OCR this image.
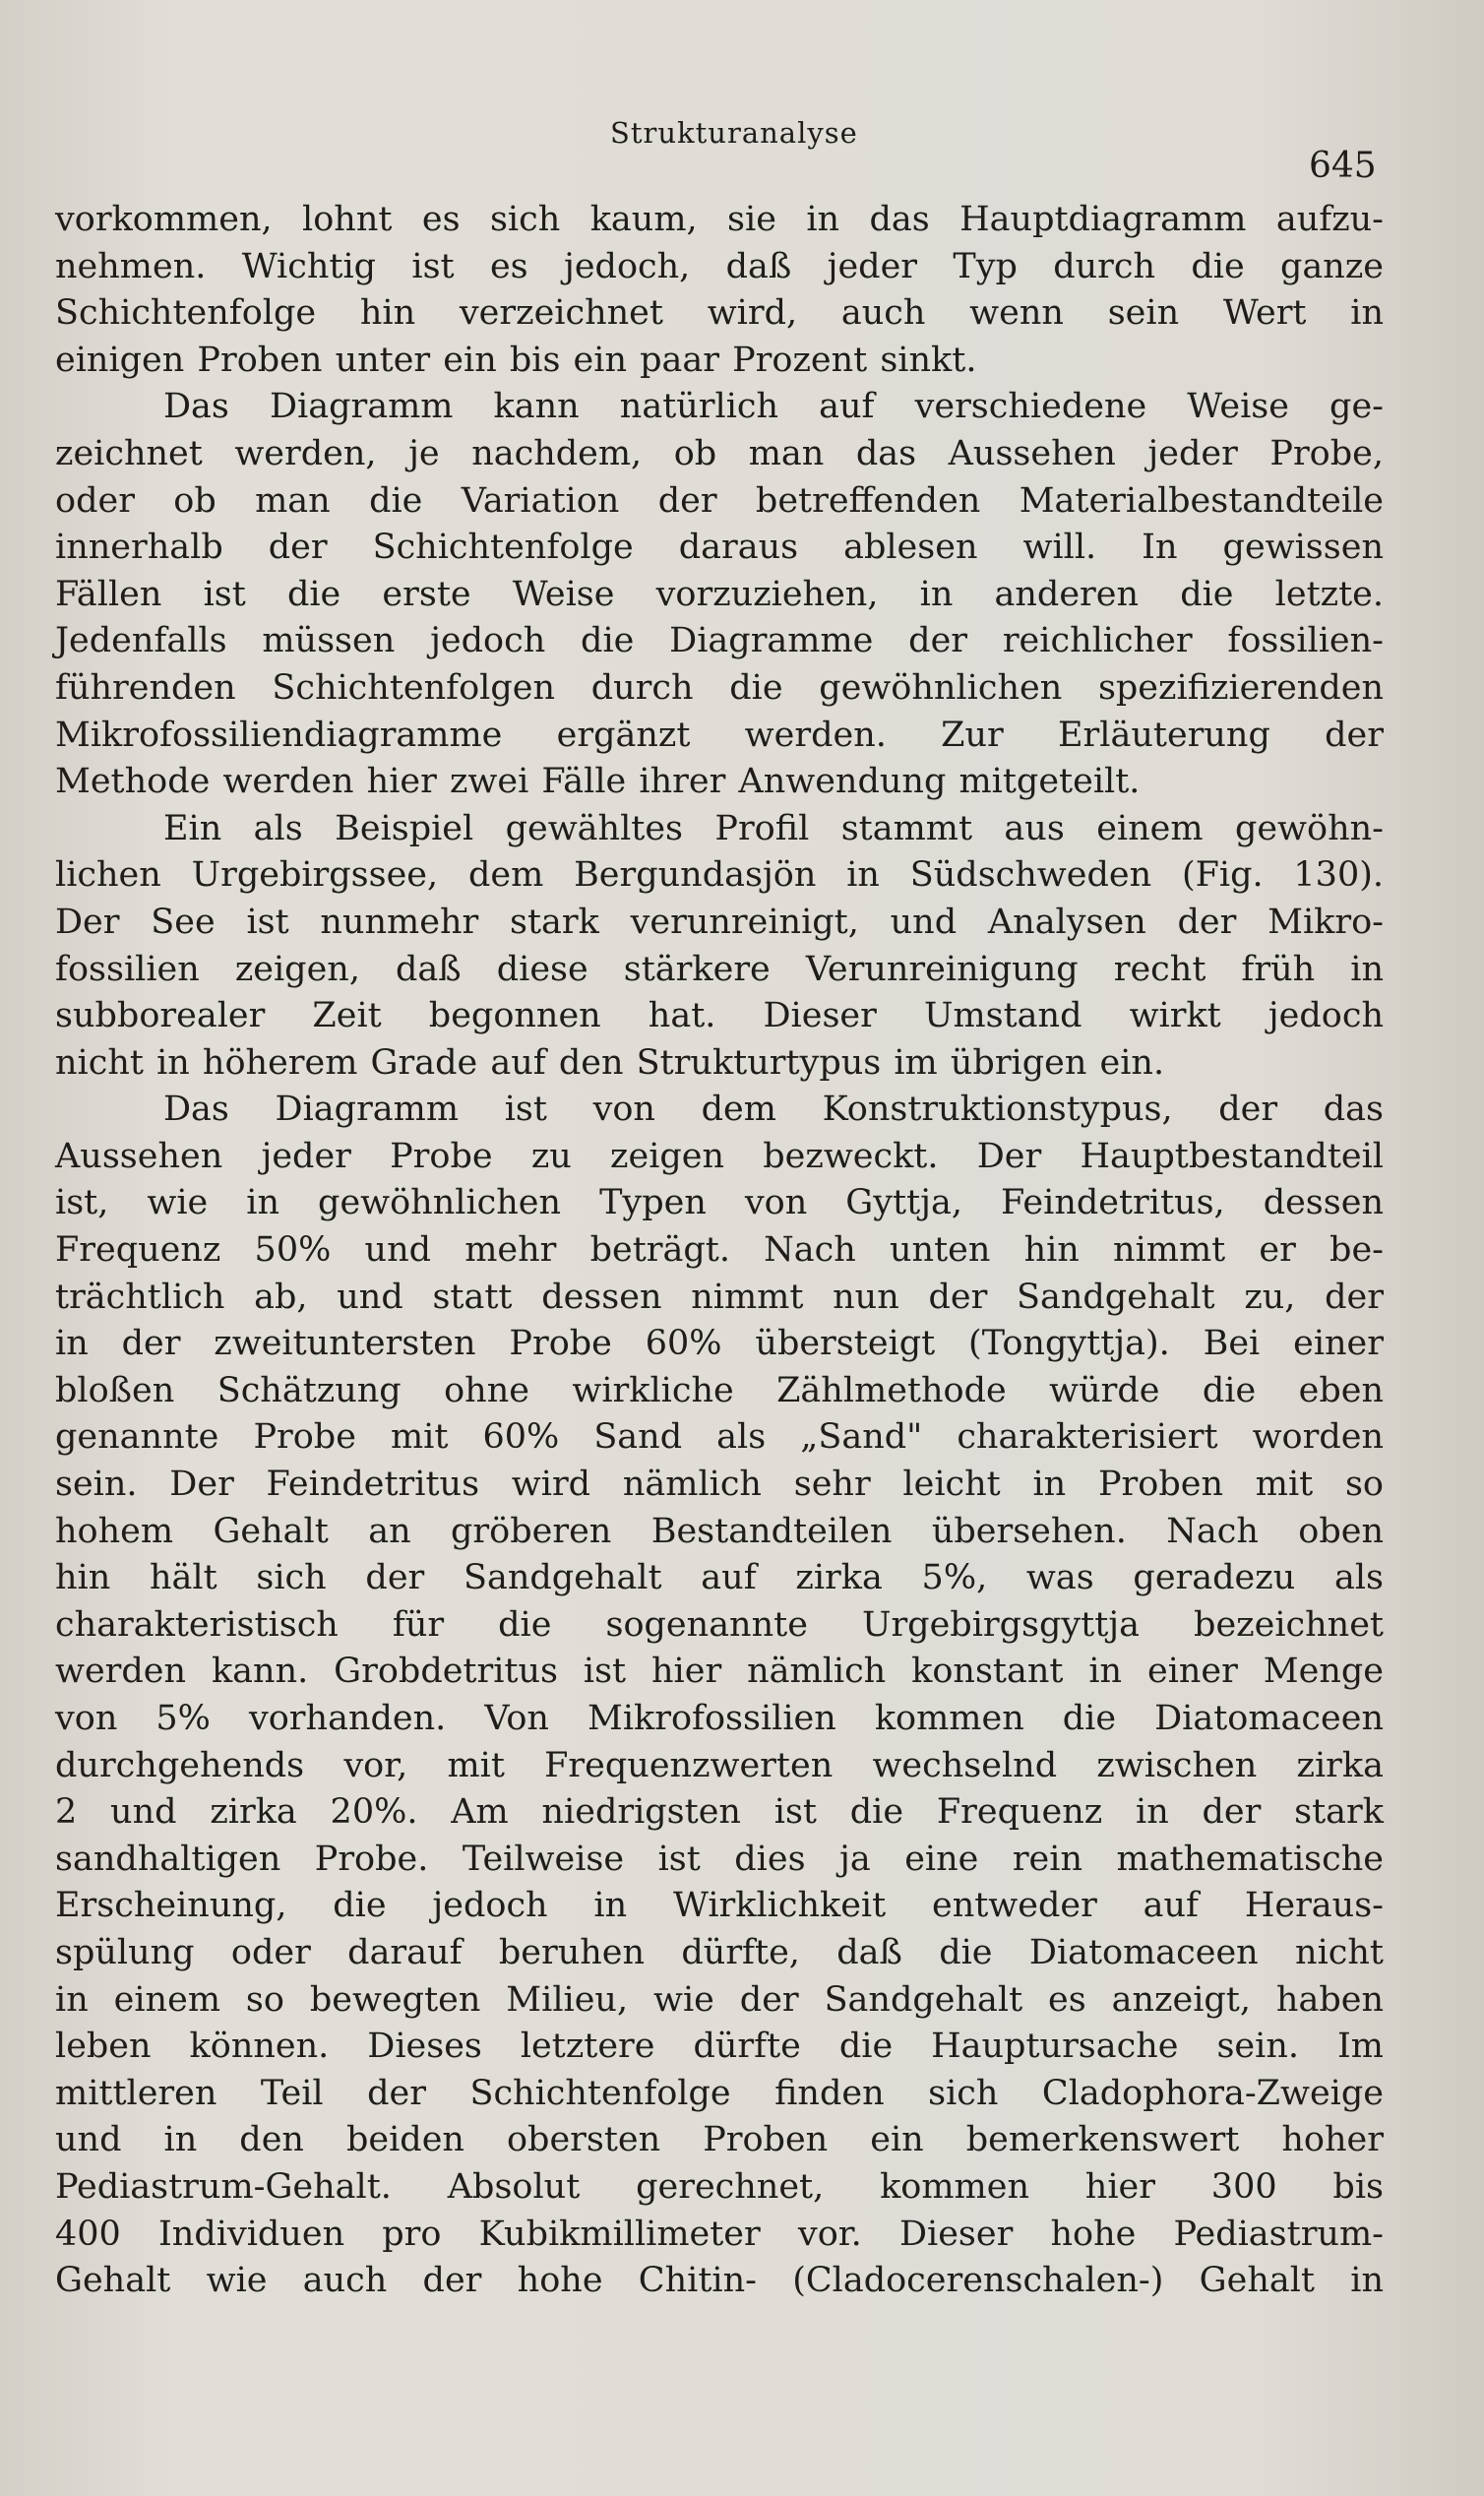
Strukturanalyse
645
vorkommen, lohnt es sich kaum, sie in das Hauptdiagramm aufzu-
nehmen. Wichtig ist es jedoch, daß jeder Typ durch die ganze
Schichtenfolge hin verzeichnet wird, auch wenn sein Wert in
einigen Proben unter ein bis ein paar Prozent sinkt.
Das Diagramm kann natürlich auf verschiedene Weise ge-
zeichnet werden, je nachdem, ob man das Aussehen jeder Probe,
oder ob man die Variation der betreffenden Materialbestandteile
innerhalb der Schichtenfolge daraus ablesen will. In gewissen
Fällen ist die erste Weise vorzuziehen, in anderen die letzte.
Jedenfalls müssen jedoch die Diagramme der reichlicher fossilien-
führenden Schichtenfolgen durch die gewöhnlichen spezifizierenden
Mikrofossiliendiagramme ergänzt werden. Zur Erläuterung der
Methode werden hier zwei Fälle ihrer Anwendung mitgeteilt.
Ein als Beispiel gewähltes Profil stammt aus einem gewöhn-
lichen Urgebirgssee, dem Bergundasjön in Südschweden (Fig. 130).
Der See ist nunmehr stark verunreinigt, und Analysen der Mikro-
fossilien zeigen, daß diese stärkere Verunreinigung recht früh in
subborealer Zeit begonnen hat. Dieser Umstand wirkt jedoch
nicht in höherem Grade auf den Strukturtypus im übrigen ein.
Das Diagramm ist von dem Konstruktionstypus, der das
Aussehen jeder Probe zu zeigen bezweckt. Der Hauptbestandteil
ist, wie in gewöhnlichen Typen von Gyttja, Feindetritus, dessen
Frequenz 50% und mehr beträgt. Nach unten hin nimmt er be-
trächtlich ab, und statt dessen nimmt nun der Sandgehalt zu, der
in der zweituntersten Probe 60% übersteigt (Tongyttja). Bei einer
bloßen Schätzung ohne wirkliche Zählmethode würde die eben
genannte Probe mit 60% Sand als „Sand" charakterisiert worden
sein. Der Feindetritus wird nämlich sehr leicht in Proben mit so
hohem Gehalt an gröberen Bestandteilen übersehen. Nach oben
hin hält sich der Sandgehalt auf zirka 5%, was geradezu als
charakteristisch für die sogenannte Urgebirgsgyttja bezeichnet
werden kann. Grobdetritus ist hier nämlich konstant in einer Menge
von 5% vorhanden. Von Mikrofossilien kommen die Diatomaceen
durchgehends vor, mit Frequenzwerten wechselnd zwischen zirka
2 und zirka 20%. Am niedrigsten ist die Frequenz in der stark
sandhaltigen Probe. Teilweise ist dies ja eine rein mathematische
Erscheinung, die jedoch in Wirklichkeit entweder auf Heraus-
spülung oder darauf beruhen dürfte, daß die Diatomaceen nicht
in einem so bewegten Milieu, wie der Sandgehalt es anzeigt, haben
leben können. Dieses letztere dürfte die Hauptursache sein. Im
mittleren Teil der Schichtenfolge finden sich Cladophora-Zweige
und in den beiden obersten Proben ein bemerkenswert hoher
Pediastrum-Gehalt. Absolut gerechnet, kommen hier 300 bis
400 Individuen pro Kubikmillimeter vor. Dieser hohe Pediastrum-
Gehalt wie auch der hohe Chitin- (Cladocerenschalen-) Gehalt in
